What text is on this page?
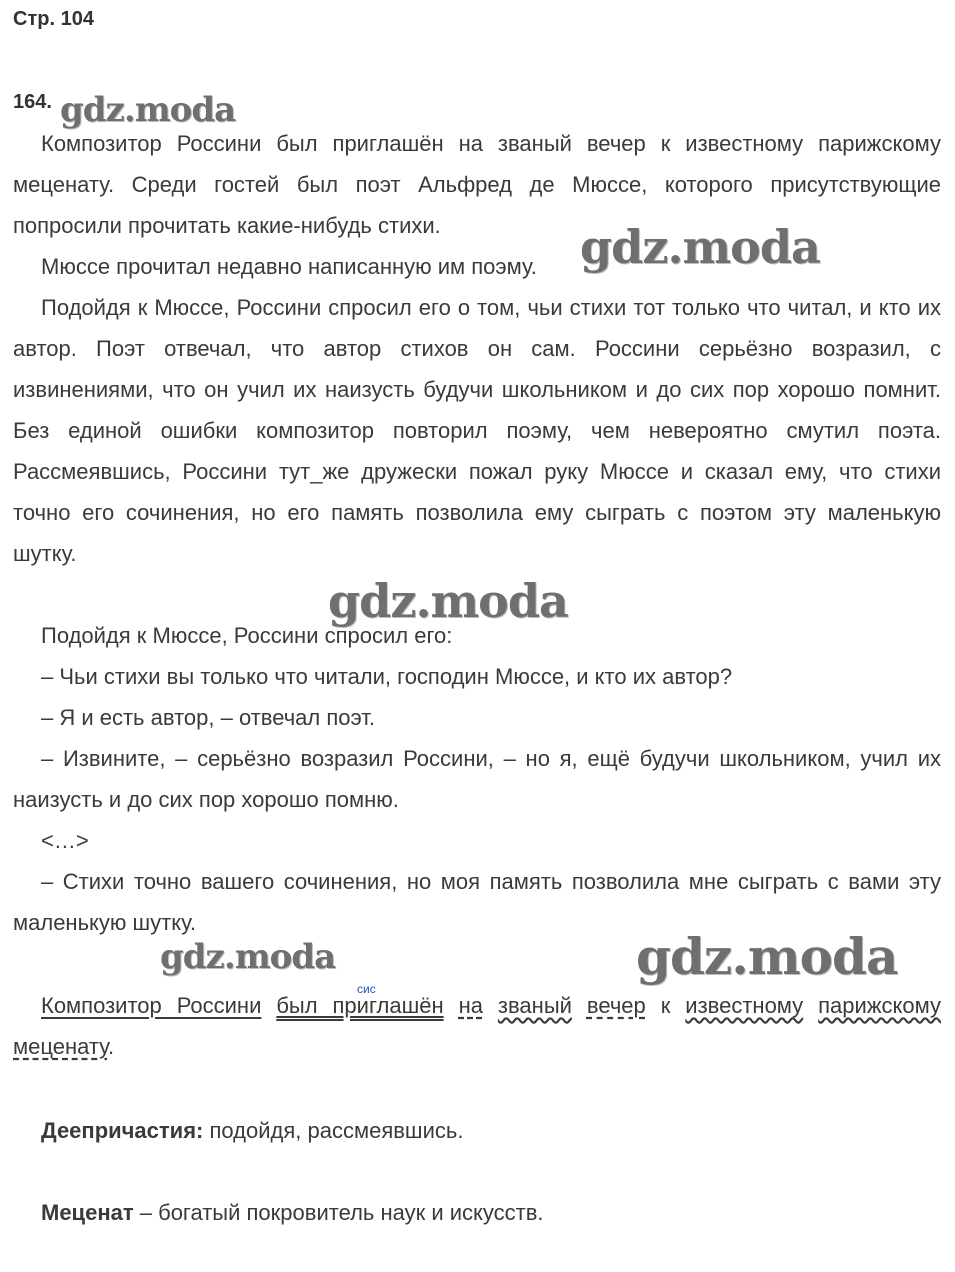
Стр. 104
164. gdz.moda

Композитор Россини был приглашён на званый вечер к известному парижскому меценату. Среди гостей был поэт Альфред де Мюссе, которого присутствующие попросили прочитать какие-нибудь стихи.

Мюссе прочитал недавно написанную им поэму. gdz.moda

Подойдя к Мюссе, Россини спросил его о том, чьи стихи тот только что читал, и кто их автор. Поэт отвечал, что автор стихов он сам. Россини серьёзно возразил, с извинениями, что он учил их наизусть будучи школьником и до сих пор хорошо помнит. Без единой ошибки композитор повторил поэму, чем невероятно смутил поэта. Рассмеявшись, Россини тут_же дружески пожал руку Мюссе и сказал ему, что стихи точно его сочинения, но его память позволила ему сыграть с поэтом эту маленькую шутку.

gdz.moda

Подойдя к Мюссе, Россини спросил его:

– Чьи стихи вы только что читали, господин Мюссе, и кто их автор?

– Я и есть автор, – отвечал поэт.

– Извините, – серьёзно возразил Россини, – но я, ещё будучи школьником, учил их наизусть и до сих пор хорошо помню.

<…>

– Стихи точно вашего сочинения, но моя память позволила мне сыграть с вами эту маленькую шутку.

gdz.moda	gdz.moda
сис

Композитор Россини был приглашён на званый вечер к известному парижскому меценату.

Деепричастия: подойдя, рассмеявшись.

Меценат – богатый покровитель наук и искусств.
